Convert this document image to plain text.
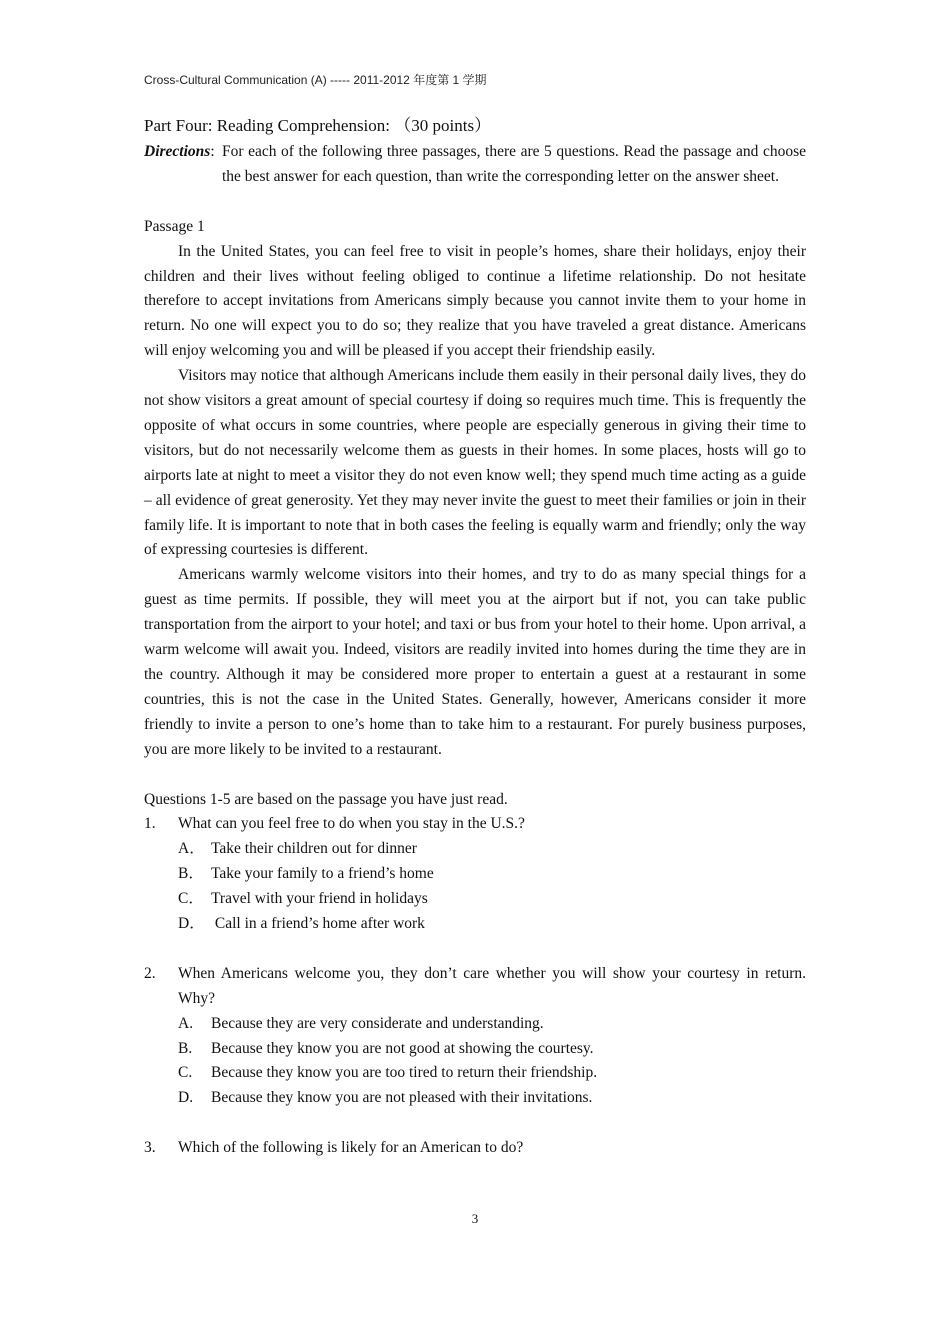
Cross-Cultural Communication (A) ----- 2011-2012 年度第 1 学期
Part Four: Reading Comprehension: （30 points）
Directions: For each of the following three passages, there are 5 questions. Read the passage and choose the best answer for each question, than write the corresponding letter on the answer sheet.

Passage 1

In the United States, you can feel free to visit in people’s homes, share their holidays, enjoy their children and their lives without feeling obliged to continue a lifetime relationship. Do not hesitate therefore to accept invitations from Americans simply because you cannot invite them to your home in return. No one will expect you to do so; they realize that you have traveled a great distance. Americans will enjoy welcoming you and will be pleased if you accept their friendship easily.

Visitors may notice that although Americans include them easily in their personal daily lives, they do not show visitors a great amount of special courtesy if doing so requires much time. This is frequently the opposite of what occurs in some countries, where people are especially generous in giving their time to visitors, but do not necessarily welcome them as guests in their homes. In some places, hosts will go to airports late at night to meet a visitor they do not even know well; they spend much time acting as a guide – all evidence of great generosity. Yet they may never invite the guest to meet their families or join in their family life. It is important to note that in both cases the feeling is equally warm and friendly; only the way of expressing courtesies is different.

Americans warmly welcome visitors into their homes, and try to do as many special things for a guest as time permits. If possible, they will meet you at the airport but if not, you can take public transportation from the airport to your hotel; and taxi or bus from your hotel to their home. Upon arrival, a warm welcome will await you. Indeed, visitors are readily invited into homes during the time they are in the country. Although it may be considered more proper to entertain a guest at a restaurant in some countries, this is not the case in the United States. Generally, however, Americans consider it more friendly to invite a person to one’s home than to take him to a restaurant. For purely business purposes, you are more likely to be invited to a restaurant.

Questions 1-5 are based on the passage you have just read.

1. What can you feel free to do when you stay in the U.S.?
A． Take their children out for dinner
B． Take your family to a friend’s home
C． Travel with your friend in holidays
D． Call in a friend’s home after work
2. When Americans welcome you, they don’t care whether you will show your courtesy in return. Why?
A. Because they are very considerate and understanding.
B. Because they know you are not good at showing the courtesy.
C. Because they know you are too tired to return their friendship.
D. Because they know you are not pleased with their invitations.
3. Which of the following is likely for an American to do?
3
